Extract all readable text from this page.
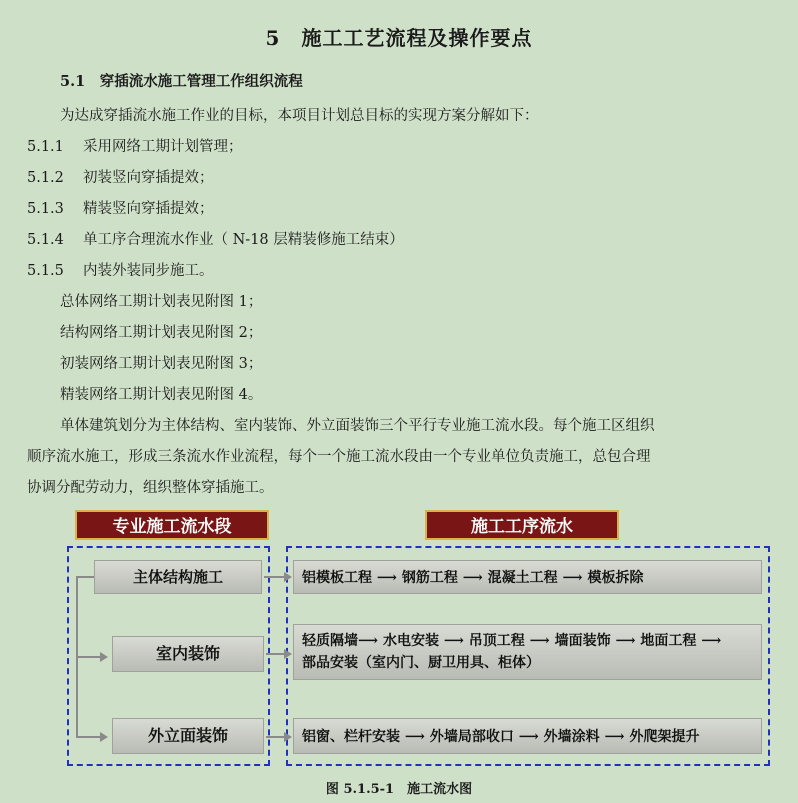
5　施工工艺流程及操作要点
5.1　穿插流水施工管理工作组织流程
为达成穿插流水施工作业的目标，本项目计划总目标的实现方案分解如下：
5.1.1 采用网络工期计划管理；
5.1.2 初装竖向穿插提效；
5.1.3 精装竖向穿插提效；
5.1.4 单工序合理流水作业（ N-18 层精装修施工结束）
5.1.5 内装外装同步施工。
总体网络工期计划表见附图 1；
结构网络工期计划表见附图 2；
初装网络工期计划表见附图 3；
精装网络工期计划表见附图 4。
单体建筑划分为主体结构、室内装饰、外立面装饰三个平行专业施工流水段。每个施工区组织
顺序流水施工，形成三条流水作业流程，每个一个施工流水段由一个专业单位负责施工，总包合理
协调分配劳动力，组织整体穿插施工。
专业施工流水段	施工工序流水
主体结构施工
室内装饰
外立面装饰
铝模板工程 ⟶ 钢筋工程 ⟶ 混凝土工程 ⟶ 模板拆除
轻质隔墙⟶ 水电安装 ⟶ 吊顶工程 ⟶ 墙面装饰 ⟶ 地面工程 ⟶
部品安装（室内门、厨卫用具、柜体）
铝窗、栏杆安装 ⟶ 外墙局部收口 ⟶ 外墙涂料 ⟶ 外爬架提升
图 5.1.5-1　施工流水图
